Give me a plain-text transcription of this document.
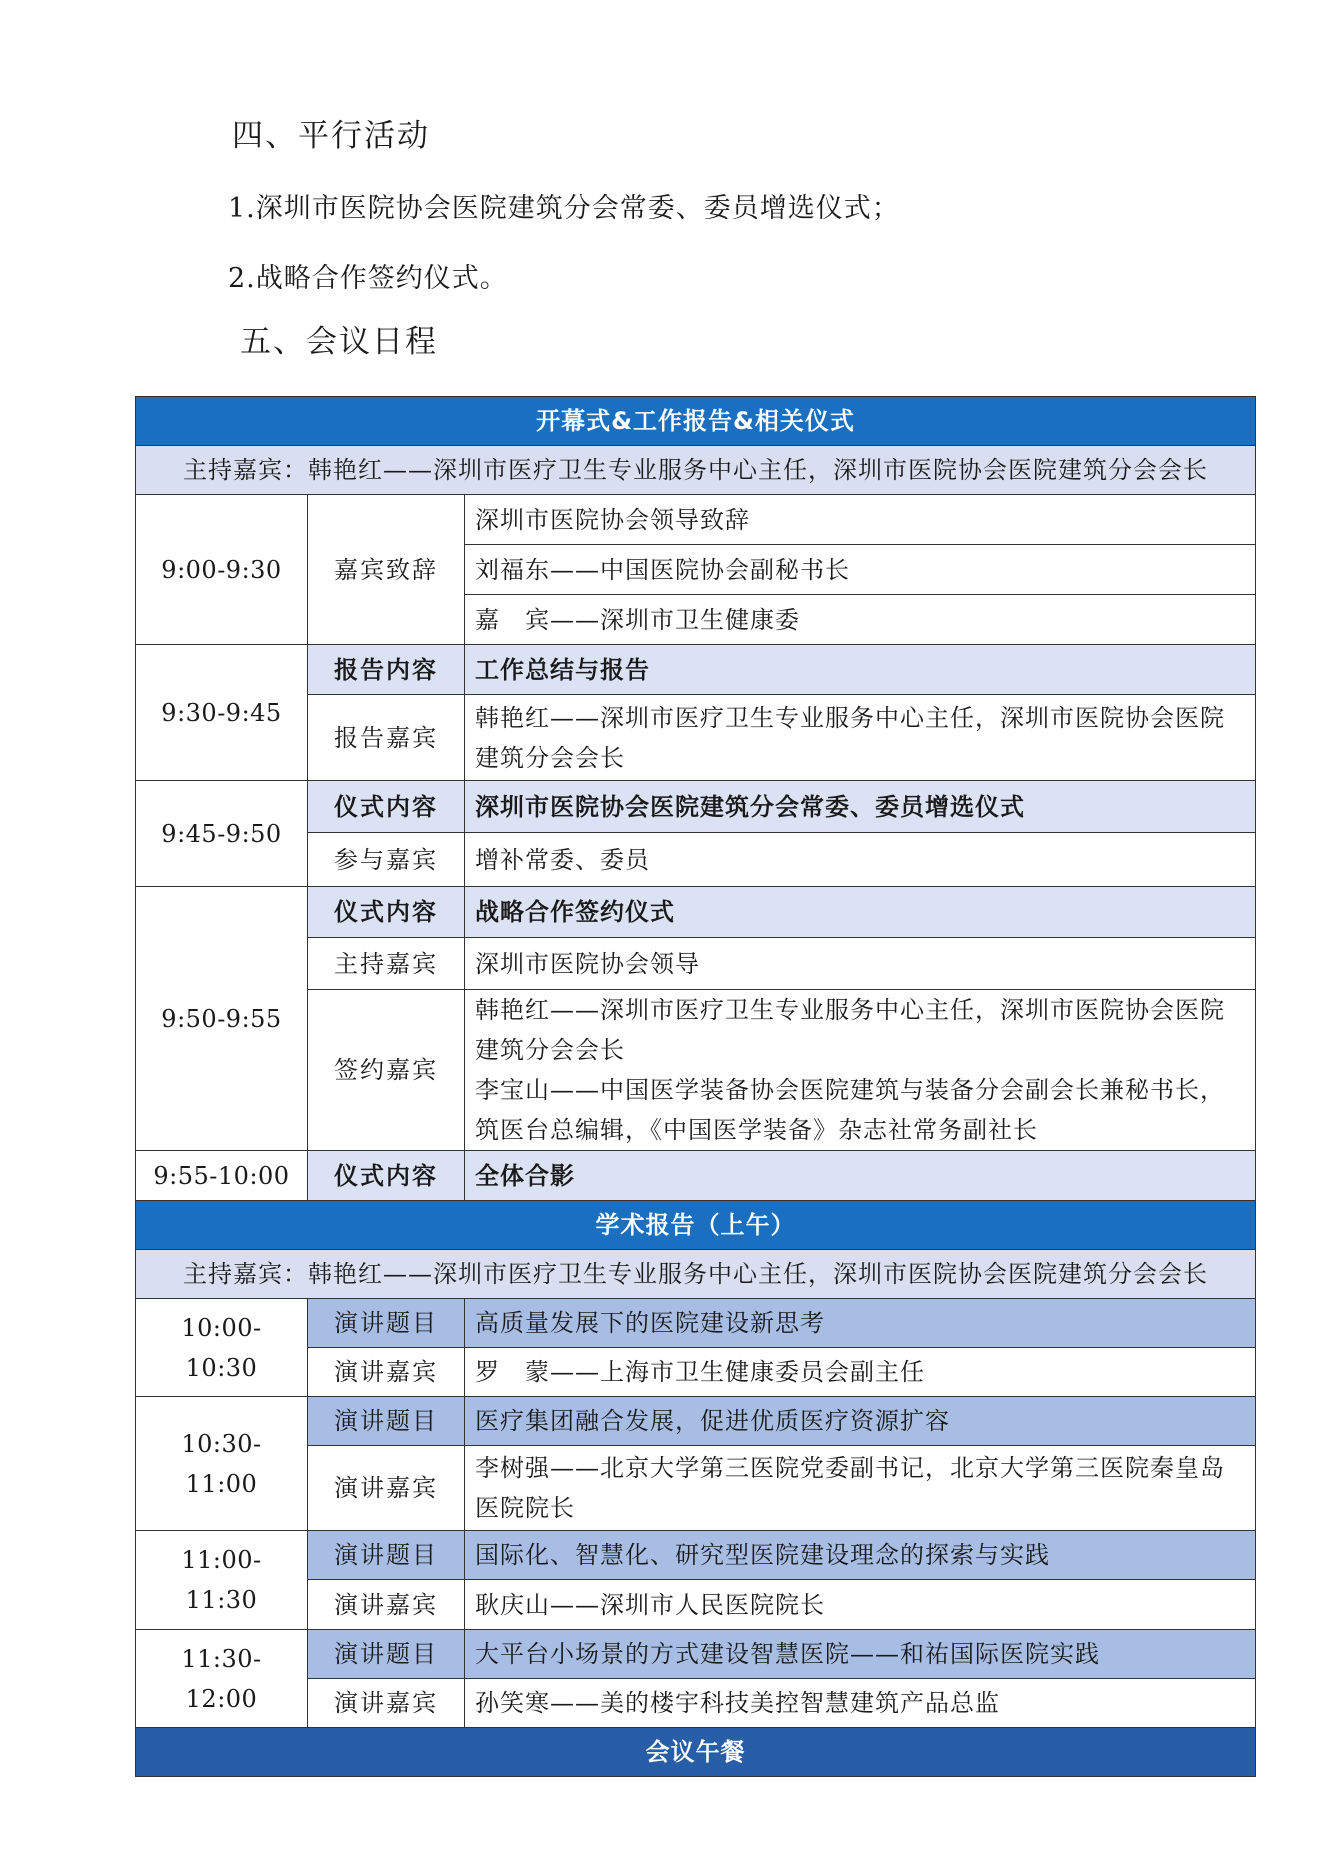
四、平行活动
1.深圳市医院协会医院建筑分会常委、委员增选仪式；
2.战略合作签约仪式。
五、会议日程
开幕式&工作报告&相关仪式		
主持嘉宾：韩艳红——深圳市医疗卫生专业服务中心主任，深圳市医院协会医院建筑分会会长		
9:00-9:30	嘉宾致辞	深圳市医院协会领导致辞
		刘福东——中国医院协会副秘书长
		嘉　宾——深圳市卫生健康委
9:30-9:45	报告内容	工作总结与报告
	报告嘉宾	韩艳红——深圳市医疗卫生专业服务中心主任，深圳市医院协会医院建筑分会会长
9:45-9:50	仪式内容	深圳市医院协会医院建筑分会常委、委员增选仪式
	参与嘉宾	增补常委、委员
9:50-9:55	仪式内容	战略合作签约仪式
	主持嘉宾	深圳市医院协会领导
	签约嘉宾	韩艳红——深圳市医疗卫生专业服务中心主任，深圳市医院协会医院建筑分会会长
李宝山——中国医学装备协会医院建筑与装备分会副会长兼秘书长，筑医台总编辑，《中国医学装备》杂志社常务副社长

9:55-10:00	仪式内容	全体合影
学术报告（上午）		
主持嘉宾：韩艳红——深圳市医疗卫生专业服务中心主任，深圳市医院协会医院建筑分会会长		
10:00-10:30	演讲题目	高质量发展下的医院建设新思考
	演讲嘉宾	罗　蒙——上海市卫生健康委员会副主任
10:30-11:00	演讲题目	医疗集团融合发展，促进优质医疗资源扩容
	演讲嘉宾	李树强——北京大学第三医院党委副书记，北京大学第三医院秦皇岛医院院长
11:00-11:30	演讲题目	国际化、智慧化、研究型医院建设理念的探索与实践
	演讲嘉宾	耿庆山——深圳市人民医院院长
11:30-12:00	演讲题目	大平台小场景的方式建设智慧医院——和祐国际医院实践
	演讲嘉宾	孙笑寒——美的楼宇科技美控智慧建筑产品总监
会议午餐		
